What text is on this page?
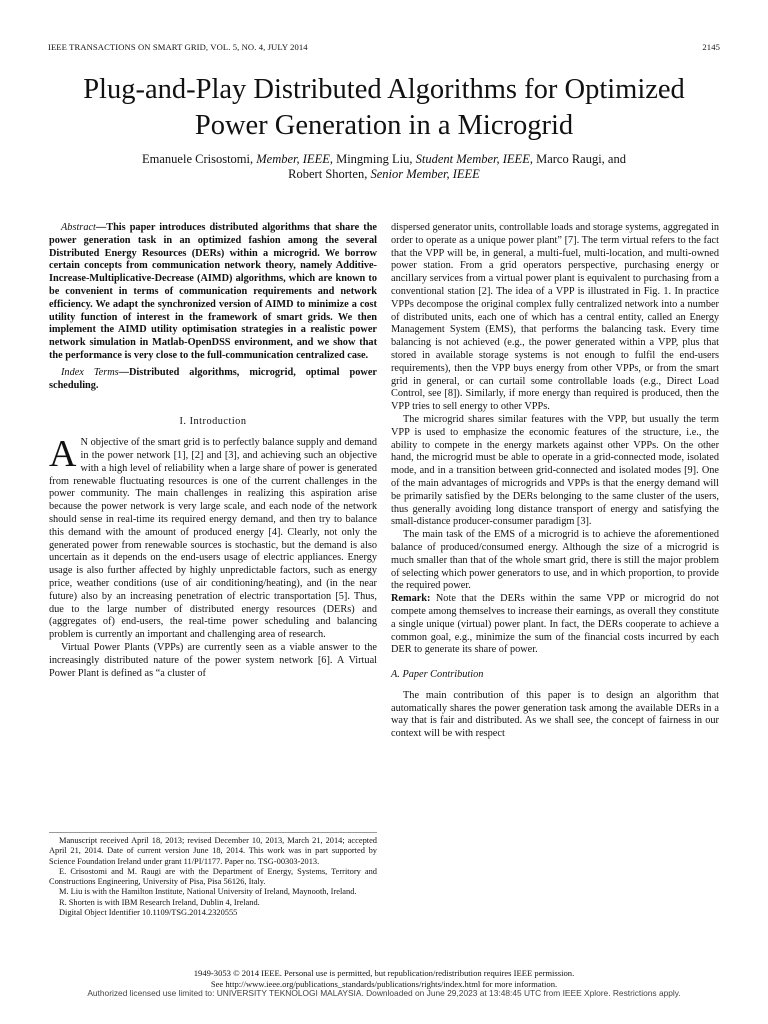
IEEE TRANSACTIONS ON SMART GRID, VOL. 5, NO. 4, JULY 2014	2145
Plug-and-Play Distributed Algorithms for Optimized
Power Generation in a Microgrid
Emanuele Crisostomi, Member, IEEE, Mingming Liu, Student Member, IEEE, Marco Raugi, and
Robert Shorten, Senior Member, IEEE

Abstract—This paper introduces distributed algorithms that share the power generation task in an optimized fashion among the several Distributed Energy Resources (DERs) within a microgrid. We borrow certain concepts from communication network theory, namely Additive-Increase-Multiplicative-Decrease (AIMD) algorithms, which are known to be convenient in terms of communication requirements and network efficiency. We adapt the synchronized version of AIMD to minimize a cost utility function of interest in the framework of smart grids. We then implement the AIMD utility optimisation strategies in a realistic power network simulation in Matlab-OpenDSS environment, and we show that the performance is very close to the full-communication centralized case.

Index Terms—Distributed algorithms, microgrid, optimal power scheduling.

I. Introduction

A N objective of the smart grid is to perfectly balance supply and demand in the power network [1], [2] and [3], and achieving such an objective with a high level of reliability when a large share of power is generated from renewable fluctuating resources is one of the current challenges in the power community. The main challenges in realizing this aspiration arise because the power network is very large scale, and each node of the network should sense in real-time its required energy demand, and then try to balance this demand with the amount of produced energy [4]. Clearly, not only the generated power from renewable sources is stochastic, but the demand is also uncertain as it depends on the end-users usage of electric appliances. Energy usage is also further affected by highly unpredictable factors, such as energy price, weather conditions (use of air conditioning/heating), and (in the near future) also by an increasing penetration of electric transportation [5]. Thus, due to the large number of distributed energy resources (DERs) and (aggregates of) end-users, the real-time power scheduling and balancing problem is currently an important and challenging area of research.

Virtual Power Plants (VPPs) are currently seen as a viable answer to the increasingly distributed nature of the power system network [6]. A Virtual Power Plant is defined as “a cluster of

Manuscript received April 18, 2013; revised December 10, 2013, March 21, 2014; accepted April 21, 2014. Date of current version June 18, 2014. This work was in part supported by Science Foundation Ireland under grant 11/PI/1177. Paper no. TSG-00303-2013.

E. Crisostomi and M. Raugi are with the Department of Energy, Systems, Territory and Constructions Engineering, University of Pisa, Pisa 56126, Italy.

M. Liu is with the Hamilton Institute, National University of Ireland, Maynooth, Ireland.

R. Shorten is with IBM Research Ireland, Dublin 4, Ireland.

Digital Object Identifier 10.1109/TSG.2014.2320555

dispersed generator units, controllable loads and storage systems, aggregated in order to operate as a unique power plant” [7]. The term virtual refers to the fact that the VPP will be, in general, a multi-fuel, multi-location, and multi-owned power station. From a grid operators perspective, purchasing energy or ancillary services from a virtual power plant is equivalent to purchasing from a conventional station [2]. The idea of a VPP is illustrated in Fig. 1. In practice VPPs decompose the original complex fully centralized network into a number of distributed units, each one of which has a central entity, called an Energy Management System (EMS), that performs the balancing task. Every time balancing is not achieved (e.g., the power generated within a VPP, plus that stored in available storage systems is not enough to fulfil the end-users requirements), then the VPP buys energy from other VPPs, or from the smart grid in general, or can curtail some controllable loads (e.g., Direct Load Control, see [8]). Similarly, if more energy than required is produced, then the VPP tries to sell energy to other VPPs.

The microgrid shares similar features with the VPP, but usually the term VPP is used to emphasize the economic features of the structure, i.e., the ability to compete in the energy markets against other VPPs. On the other hand, the microgrid must be able to operate in a grid-connected mode, isolated mode, and in a transition between grid-connected and isolated modes [9]. One of the main advantages of microgrids and VPPs is that the energy demand will be primarily satisfied by the DERs belonging to the same cluster of the users, thus generally avoiding long distance transport of energy and satisfying the small-distance producer-consumer paradigm [3].

The main task of the EMS of a microgrid is to achieve the aforementioned balance of produced/consumed energy. Although the size of a microgrid is much smaller than that of the whole smart grid, there is still the major problem of selecting which power generators to use, and in which proportion, to provide the required power.

Remark: Note that the DERs within the same VPP or microgrid do not compete among themselves to increase their earnings, as overall they constitute a single unique (virtual) power plant. In fact, the DERs cooperate to achieve a common goal, e.g., minimize the sum of the financial costs incurred by each DER to generate its share of power.

A. Paper Contribution

The main contribution of this paper is to design an algorithm that automatically shares the power generation task among the available DERs in a way that is fair and distributed. As we shall see, the concept of fairness in our context will be with respect

1949-3053 © 2014 IEEE. Personal use is permitted, but republication/redistribution requires IEEE permission.
See http://www.ieee.org/publications_standards/publications/rights/index.html for more information.
Authorized licensed use limited to: UNIVERSITY TEKNOLOGI MALAYSIA. Downloaded on June 29,2023 at 13:48:45 UTC from IEEE Xplore. Restrictions apply.
